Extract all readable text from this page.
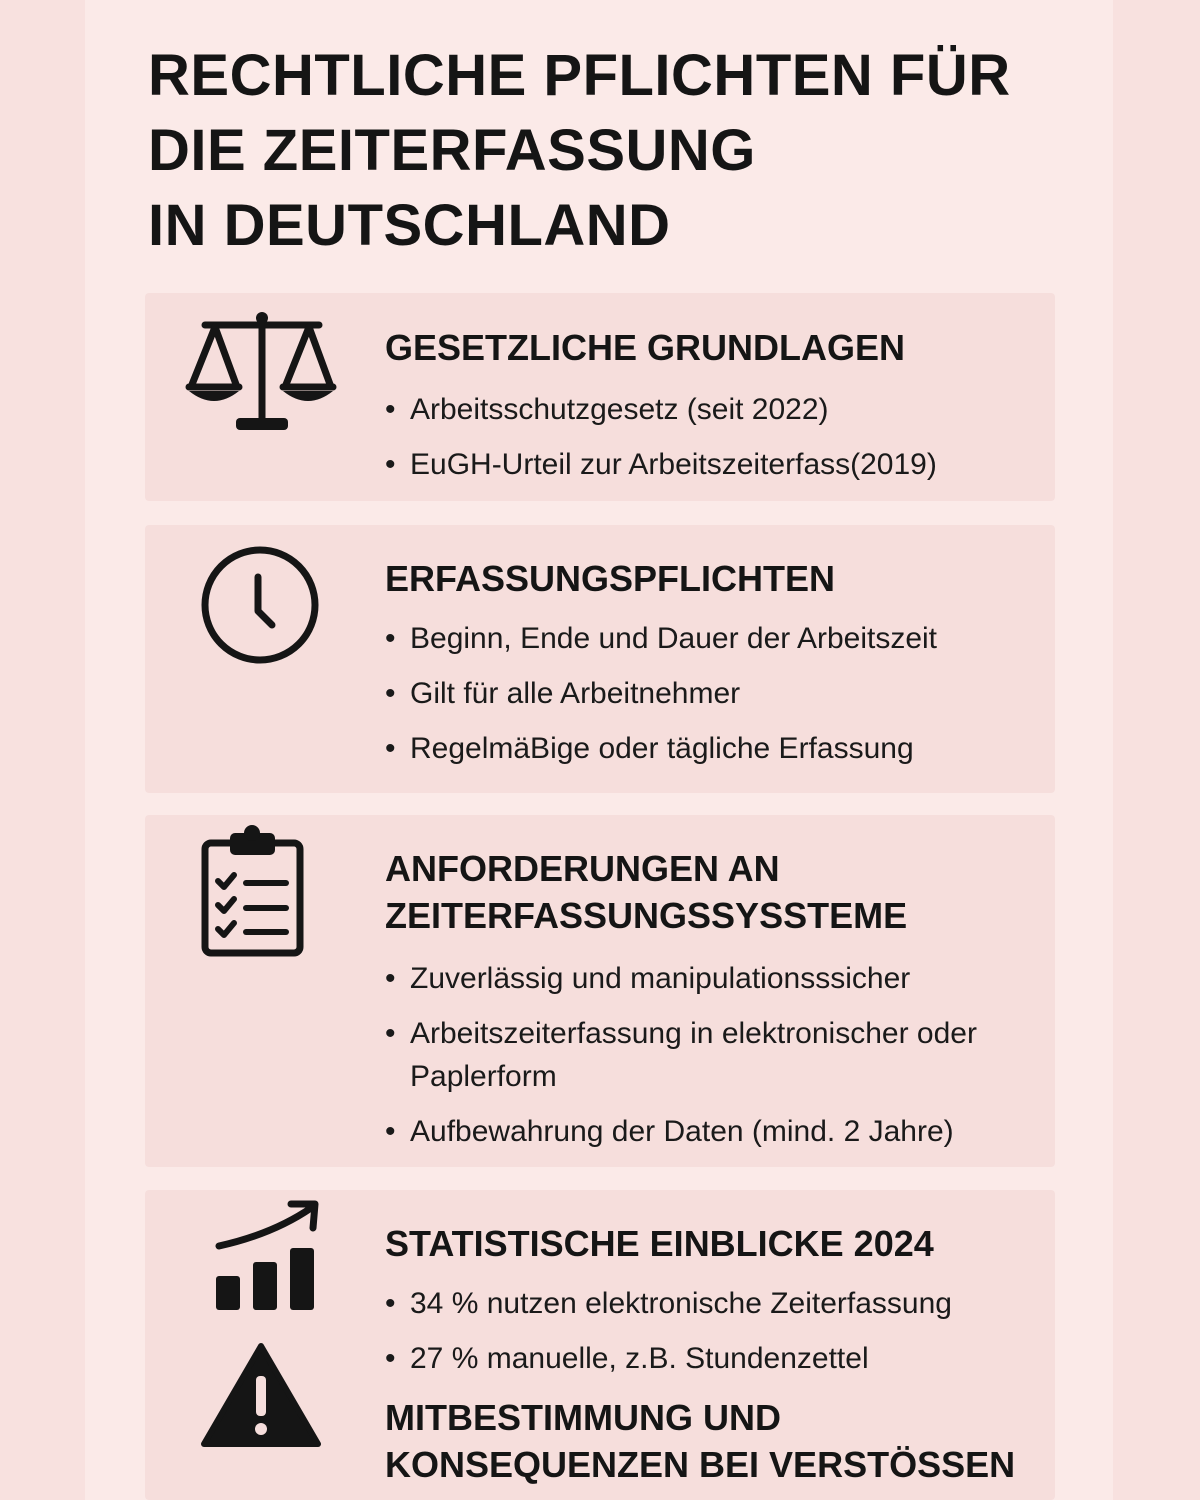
RECHTLICHE PFLICHTEN FÜR
DIE ZEITERFASSUNG
IN DEUTSCHLAND
GESETZLICHE GRUNDLAGEN
• Arbeitsschutzgesetz (seit 2022)
• EuGH-Urteil zur Arbeitszeiterfass(2019)
ERFASSUNGSPFLICHTEN
• Beginn, Ende und Dauer der Arbeitszeit
• Gilt für alle Arbeitnehmer
• RegelmäBige oder tägliche Erfassung
ANFORDERUNGEN AN
ZEITERFASSUNGSSYSSTEME
• Zuverlässig und manipulationsssicher
• Arbeitszeiterfassung in elektronischer oder Paplerform
• Aufbewahrung der Daten (mind. 2 Jahre)
STATISTISCHE EINBLICKE 2024
• 34 % nutzen elektronische Zeiterfassung
• 27 % manuelle, z.B. Stundenzettel
MITBESTIMMUNG UND
KONSEQUENZEN BEI VERSTÖSSEN
